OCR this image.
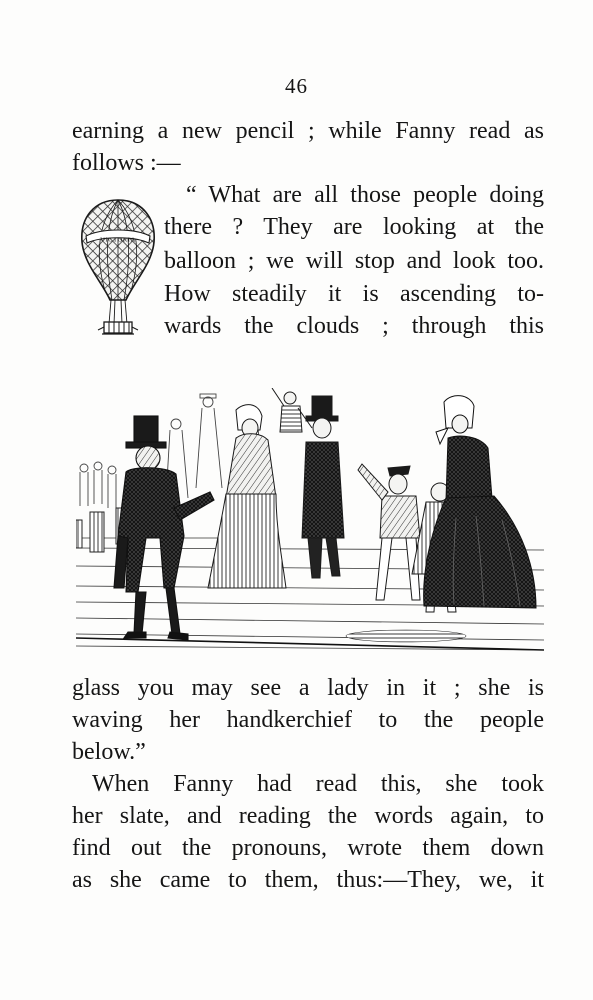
46
earning a new pencil ; while Fanny read as
follows :—
“ What are all those people doing
there ? They are looking at the
balloon ; we will stop and look too.
How steadily it is ascending to-
wards the clouds ; through this
VICTORIA
glass you may see a lady in it ; she is
waving her handkerchief to the people
below.”
When Fanny had read this, she took
her slate, and reading the words again, to
find out the pronouns, wrote them down
as she came to them, thus:—They, we, it
